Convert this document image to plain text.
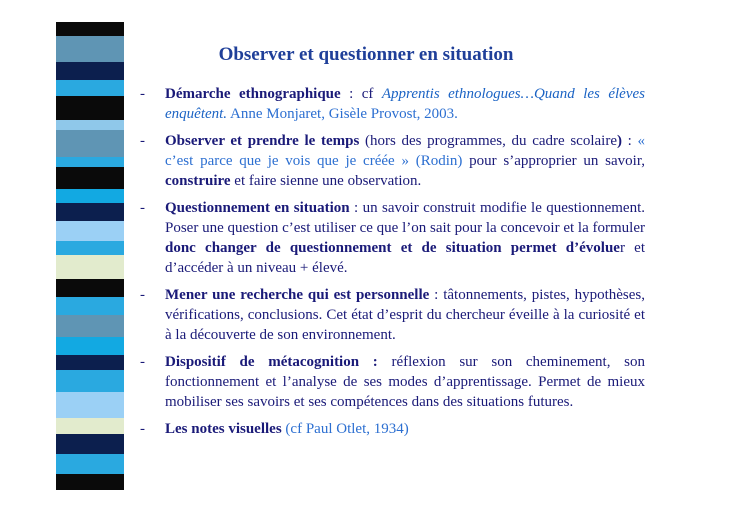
Observer et questionner en situation
- Démarche ethnographique : cf Apprentis ethnologues…Quand les élèves enquêtent. Anne Monjaret, Gisèle Provost, 2003.
- Observer et prendre le temps (hors des programmes, du cadre scolaire) : « c’est parce que je vois que je créée » (Rodin) pour s’approprier un savoir, construire et faire sienne une observation.
- Questionnement en situation : un savoir construit modifie le questionnement. Poser une question c’est utiliser ce que l’on sait pour la concevoir et la formuler donc changer de questionnement et de situation permet d’évoluer et d’accéder à un niveau + élevé.
- Mener une recherche qui est personnelle : tâtonnements, pistes, hypothèses, vérifications, conclusions. Cet état d’esprit du chercheur éveille à la curiosité et à la découverte de son environnement.
- Dispositif de métacognition : réflexion sur son cheminement, son fonctionnement et l’analyse de ses modes d’apprentissage. Permet de mieux mobiliser ses savoirs et ses compétences dans des situations futures.
- Les notes visuelles (cf Paul Otlet, 1934)
